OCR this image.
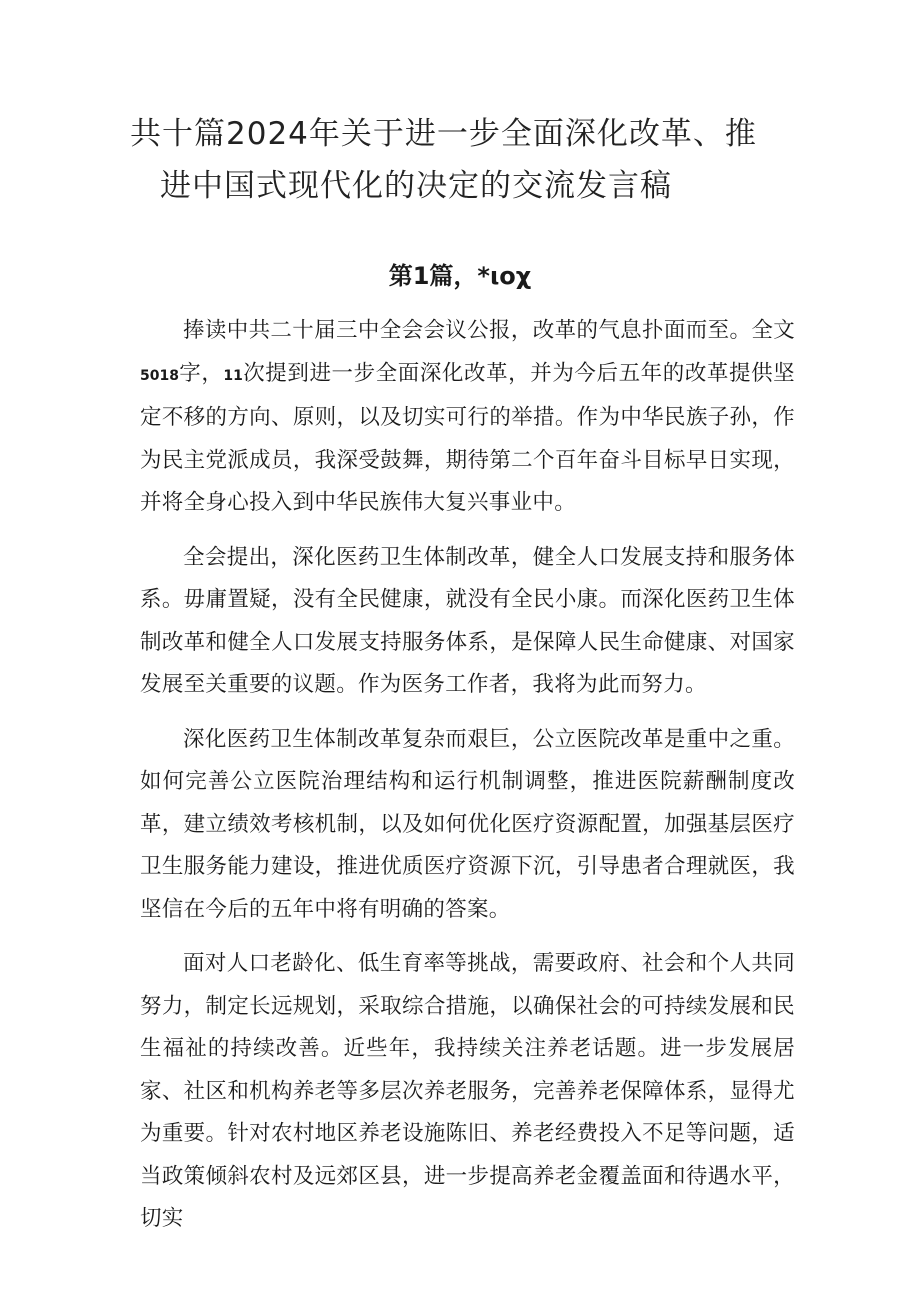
共十篇2024年关于进一步全面深化改革、推
进中国式现代化的决定的交流发言稿
第1篇，*ιοχ

捧读中共二十届三中全会会议公报，改革的气息扑面而至。全文5018字，11次提到进一步全面深化改革，并为今后五年的改革提供坚定不移的方向、原则，以及切实可行的举措。作为中华民族子孙，作为民主党派成员，我深受鼓舞，期待第二个百年奋斗目标早日实现，并将全身心投入到中华民族伟大复兴事业中。

全会提出，深化医药卫生体制改革，健全人口发展支持和服务体系。毋庸置疑，没有全民健康，就没有全民小康。而深化医药卫生体制改革和健全人口发展支持服务体系，是保障人民生命健康、对国家发展至关重要的议题。作为医务工作者，我将为此而努力。

深化医药卫生体制改革复杂而艰巨，公立医院改革是重中之重。如何完善公立医院治理结构和运行机制调整，推进医院薪酬制度改革，建立绩效考核机制，以及如何优化医疗资源配置，加强基层医疗卫生服务能力建设，推进优质医疗资源下沉，引导患者合理就医，我坚信在今后的五年中将有明确的答案。

面对人口老龄化、低生育率等挑战，需要政府、社会和个人共同努力，制定长远规划，采取综合措施，以确保社会的可持续发展和民生福祉的持续改善。近些年，我持续关注养老话题。进一步发展居家、社区和机构养老等多层次养老服务，完善养老保障体系，显得尤为重要。针对农村地区养老设施陈旧、养老经费投入不足等问题，适当政策倾斜农村及远郊区县，进一步提高养老金覆盖面和待遇水平，切实
